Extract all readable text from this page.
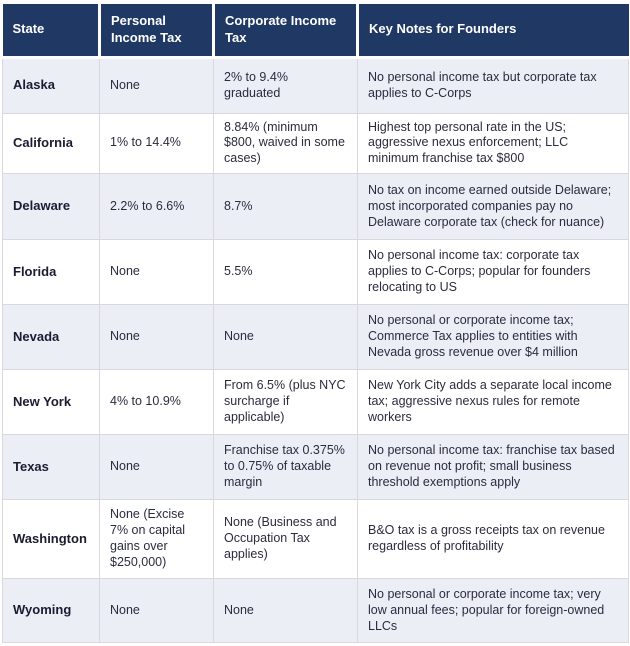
State	Personal Income Tax	Corporate Income Tax	Key Notes for Founders
Alaska	None	2% to 9.4% graduated	No personal income tax but corporate tax applies to C-Corps
California	1% to 14.4%	8.84% (minimum $800, waived in some cases)	Highest top personal rate in the US; aggressive nexus enforcement; LLC minimum franchise tax $800
Delaware	2.2% to 6.6%	8.7%	No tax on income earned outside Delaware; most incorporated companies pay no Delaware corporate tax (check for nuance)
Florida	None	5.5%	No personal income tax: corporate tax applies to C-Corps; popular for founders relocating to US
Nevada	None	None	No personal or corporate income tax; Commerce Tax applies to entities with Nevada gross revenue over $4 million
New York	4% to 10.9%	From 6.5% (plus NYC surcharge if applicable)	New York City adds a separate local income tax; aggressive nexus rules for remote workers
Texas	None	Franchise tax 0.375% to 0.75% of taxable margin	No personal income tax: franchise tax based on revenue not profit; small business threshold exemptions apply
Washington	None (Excise 7% on capital gains over $250,000)	None (Business and Occupation Tax applies)	B&O tax is a gross receipts tax on revenue regardless of profitability
Wyoming	None	None	No personal or corporate income tax; very low annual fees; popular for foreign-owned LLCs
